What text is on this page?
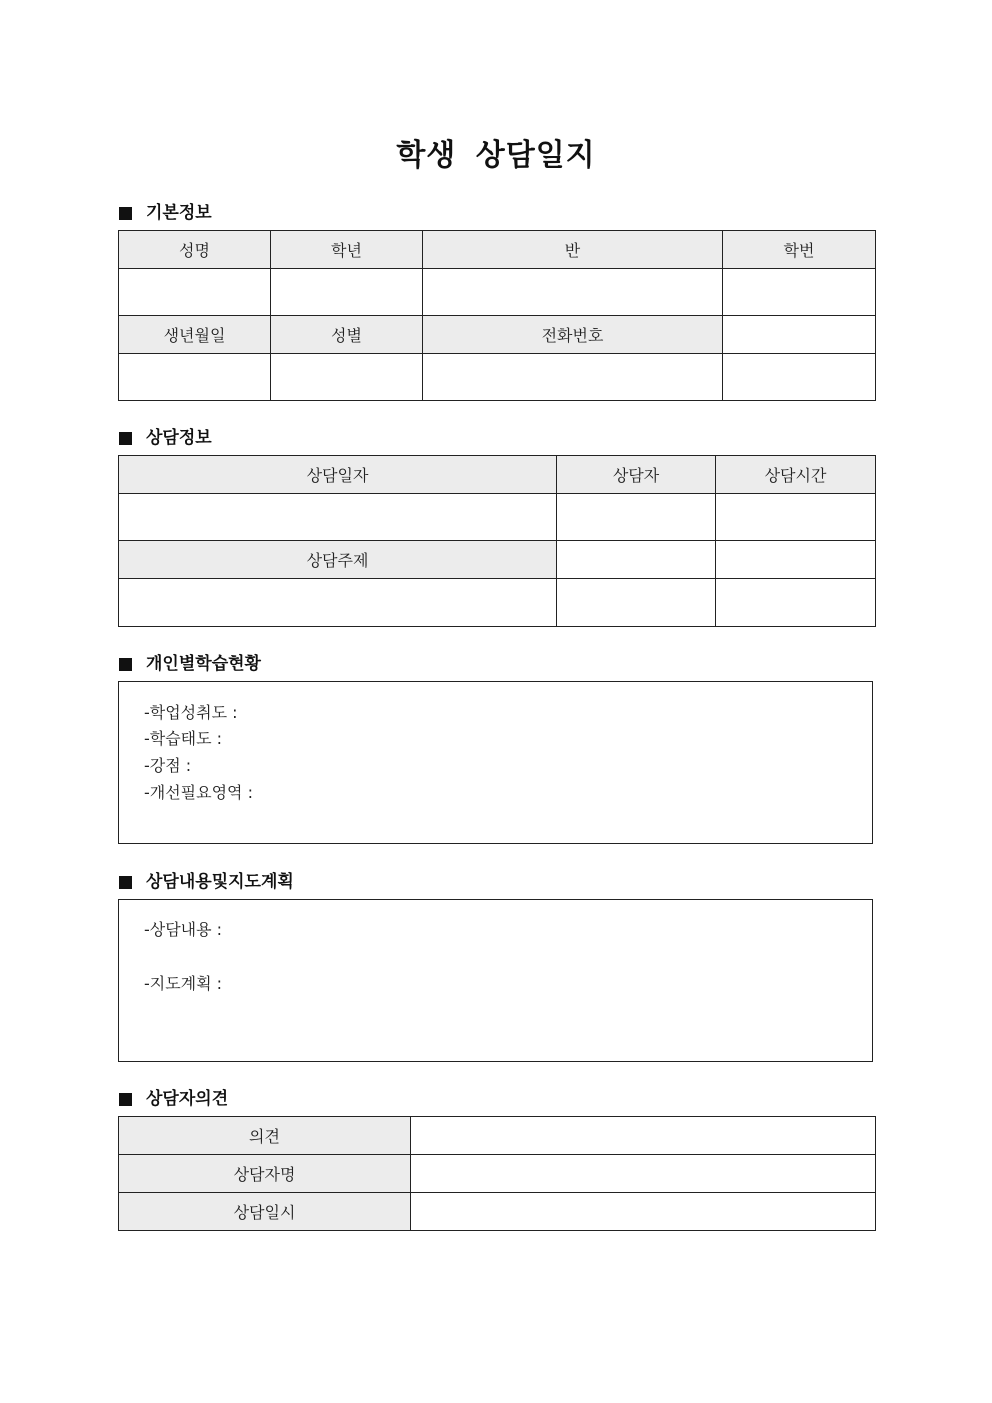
학생 상담일지
기본정보
성명	학년	반	학번

생년월일	성별	전화번호	

상담정보
상담일자	상담자	상담시간

상담주제		

개인별학습현황
-학업성취도 :
-학습태도 :
-강점 :
-개선필요영역 :
상담내용및지도계획
-상담내용 :
-지도계획 :
상담자의견
의견	
상담자명	
상담일시	
